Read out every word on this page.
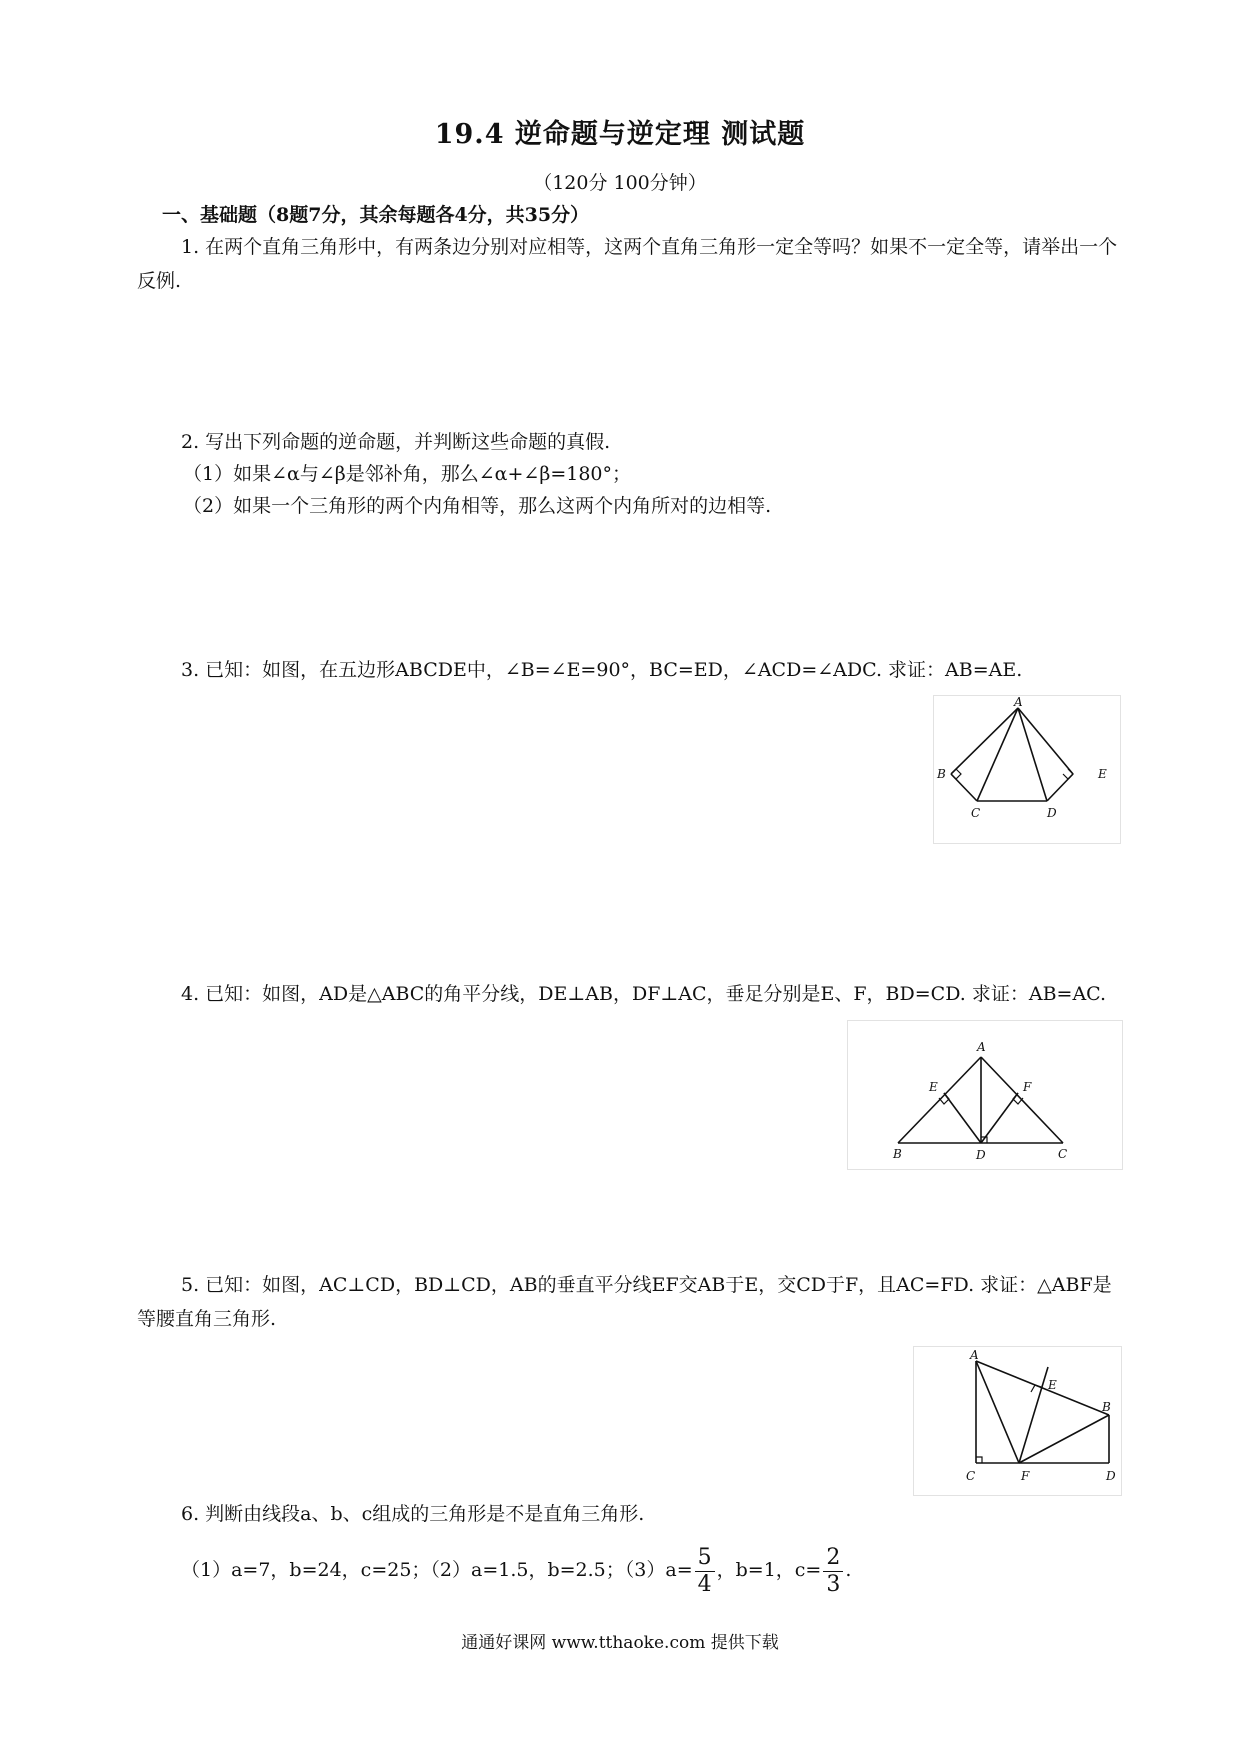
19.4 逆命题与逆定理 测试题
（120分 100分钟）
一、基础题（8题7分，其余每题各4分，共35分）
1. 在两个直角三角形中，有两条边分别对应相等，这两个直角三角形一定全等吗？如果不一定全等，请举出一个反例.
2. 写出下列命题的逆命题，并判断这些命题的真假.
（1）如果∠α与∠β是邻补角，那么∠α+∠β=180°；
（2）如果一个三角形的两个内角相等，那么这两个内角所对的边相等.
3. 已知：如图，在五边形ABCDE中，∠B=∠E=90°，BC=ED，∠ACD=∠ADC. 求证：AB=AE.
A
B
C	D
E
4. 已知：如图，AD是△ABC的角平分线，DE⊥AB，DF⊥AC，垂足分别是E、F，BD=CD. 求证：AB=AC.
A
B	C
D
E	F
5. 已知：如图，AC⊥CD，BD⊥CD，AB的垂直平分线EF交AB于E，交CD于F，且AC=FD. 求证：△ABF是等腰直角三角形.
A
B
C	D
E
F
6. 判断由线段a、b、c组成的三角形是不是直角三角形.
（1）a=7，b=24，c=25；（2）a=1.5，b=2.5；$(3)a= \frac{5}{4}$ ，b=1，$c= \frac{2}{3}$ .
通通好课网 www.tthaoke.com 提供下载
